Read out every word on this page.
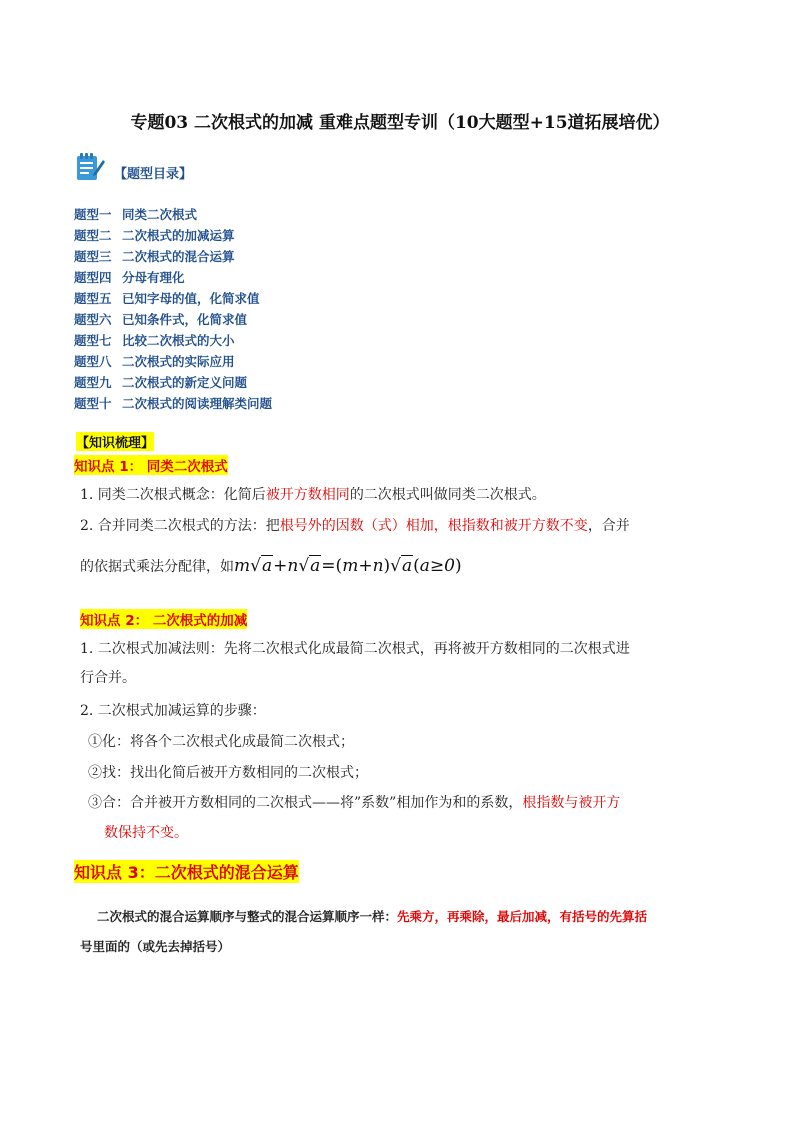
专题03 二次根式的加减 重难点题型专训（10大题型+15道拓展培优）
【题型目录】
题型一 同类二次根式
题型二 二次根式的加减运算
题型三 二次根式的混合运算
题型四 分母有理化
题型五 已知字母的值，化简求值
题型六 已知条件式，化简求值
题型七 比较二次根式的大小
题型八 二次根式的实际应用
题型九 二次根式的新定义问题
题型十 二次根式的阅读理解类问题
【知识梳理】
知识点 1： 同类二次根式
1. 同类二次根式概念：化简后被开方数相同的二次根式叫做同类二次根式。
2. 合并同类二次根式的方法：把根号外的因数（式）相加，根指数和被开方数不变，合并
的依据式乘法分配律，如m√a+n√a=(m+n)√a(a≥0)
知识点 2： 二次根式的加减
1. 二次根式加减法则：先将二次根式化成最简二次根式，再将被开方数相同的二次根式进
行合并。
2. 二次根式加减运算的步骤：
①化：将各个二次根式化成最简二次根式；
②找：找出化简后被开方数相同的二次根式；
③合：合并被开方数相同的二次根式——将”系数”相加作为和的系数，根指数与被开方
数保持不变。
知识点 3：二次根式的混合运算
二次根式的混合运算顺序与整式的混合运算顺序一样：先乘方，再乘除，最后加减，有括号的先算括
号里面的（或先去掉括号）
